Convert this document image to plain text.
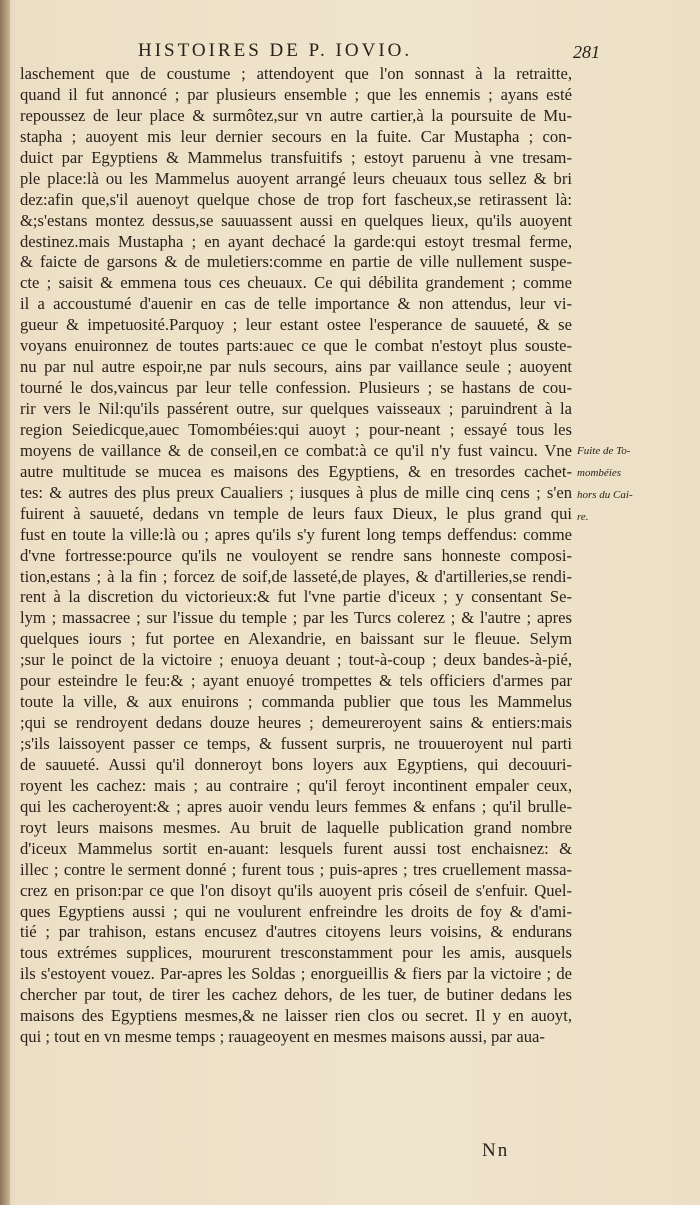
HISTOIRES DE P. IOVIO.	281
laschement que de coustume ; attendoyent que l'on sonnast à la retraitte,
quand il fut annoncé ; par plusieurs ensemble ; que les ennemis ; ayans esté
repoussez de leur place & surmôtez,sur vn autre cartier,à la poursuite de Mu-
stapha ; auoyent mis leur dernier secours en la fuite. Car Mustapha ; con-
duict par Egyptiens & Mammelus transfuitifs ; estoyt paruenu à vne tresam-
ple place:là ou les Mammelus auoyent arrangé leurs cheuaux tous sellez & bri
dez:afin que,s'il auenoyt quelque chose de trop fort fascheux,se retirassent là:
&;s'estans montez dessus,se sauuassent aussi en quelques lieux, qu'ils auoyent
destinez.mais Mustapha ; en ayant dechacé la garde:qui estoyt tresmal ferme,
& faicte de garsons & de muletiers:comme en partie de ville nullement suspe-
cte ; saisit & emmena tous ces cheuaux. Ce qui débilita grandement ; comme
il a accoustumé d'auenir en cas de telle importance & non attendus, leur vi-
gueur & impetuosité.Parquoy ; leur estant ostee l'esperance de sauueté, & se
voyans enuironnez de toutes parts:auec ce que le combat n'estoyt plus souste-
nu par nul autre espoir,ne par nuls secours, ains par vaillance seule ; auoyent
tourné le dos,vaincus par leur telle confession. Plusieurs ; se hastans de cou-
rir vers le Nil:qu'ils passérent outre, sur quelques vaisseaux ; paruindrent à la
region Seiedicque,auec Tomombéies:qui auoyt ; pour-neant ; essayé tous les
moyens de vaillance & de conseil,en ce combat:à ce qu'il n'y fust vaincu. Vne
autre multitude se mucea es maisons des Egyptiens, & en tresordes cachet-
tes: & autres des plus preux Caualiers ; iusques à plus de mille cinq cens ; s'en
fuirent à sauueté, dedans vn temple de leurs faux Dieux, le plus grand qui
fust en toute la ville:là ou ; apres qu'ils s'y furent long temps deffendus: comme
d'vne fortresse:pource qu'ils ne vouloyent se rendre sans honneste composi-
tion,estans ; à la fin ; forcez de soif,de lasseté,de playes, & d'artilleries,se rendi-
rent à la discretion du victorieux:& fut l'vne partie d'iceux ; y consentant Se-
lym ; massacree ; sur l'issue du temple ; par les Turcs colerez ; & l'autre ; apres
quelques iours ; fut portee en Alexandrie, en baissant sur le fleuue. Selym
;sur le poinct de la victoire ; enuoya deuant ; tout-à-coup ; deux bandes-à-pié,
pour esteindre le feu:& ; ayant enuoyé trompettes & tels officiers d'armes par
toute la ville, & aux enuirons ; commanda publier que tous les Mammelus
;qui se rendroyent dedans douze heures ; demeureroyent sains & entiers:mais
;s'ils laissoyent passer ce temps, & fussent surpris, ne trouueroyent nul parti
de sauueté. Aussi qu'il donneroyt bons loyers aux Egyptiens, qui decouuri-
royent les cachez: mais ; au contraire ; qu'il feroyt incontinent empaler ceux,
qui les cacheroyent:& ; apres auoir vendu leurs femmes & enfans ; qu'il brulle-
royt leurs maisons mesmes. Au bruit de laquelle publication grand nombre
d'iceux Mammelus sortit en-auant: lesquels furent aussi tost enchaisnez: &
illec ; contre le serment donné ; furent tous ; puis-apres ; tres cruellement massa-
crez en prison:par ce que l'on disoyt qu'ils auoyent pris cóseil de s'enfuir. Quel-
ques Egyptiens aussi ; qui ne voulurent enfreindre les droits de foy & d'ami-
tié ; par trahison, estans encusez d'autres citoyens leurs voisins, & endurans
tous extrémes supplices, moururent tresconstamment pour les amis, ausquels
ils s'estoyent vouez. Par-apres les Soldas ; enorgueillis & fiers par la victoire ; de
chercher par tout, de tirer les cachez dehors, de les tuer, de butiner dedans les
maisons des Egyptiens mesmes,& ne laisser rien clos ou secret. Il y en auoyt,
qui ; tout en vn mesme temps ; rauageoyent en mesmes maisons aussi, par aua-
Fuite de To-
mombéies
hors du Cai-
re.
Nn
